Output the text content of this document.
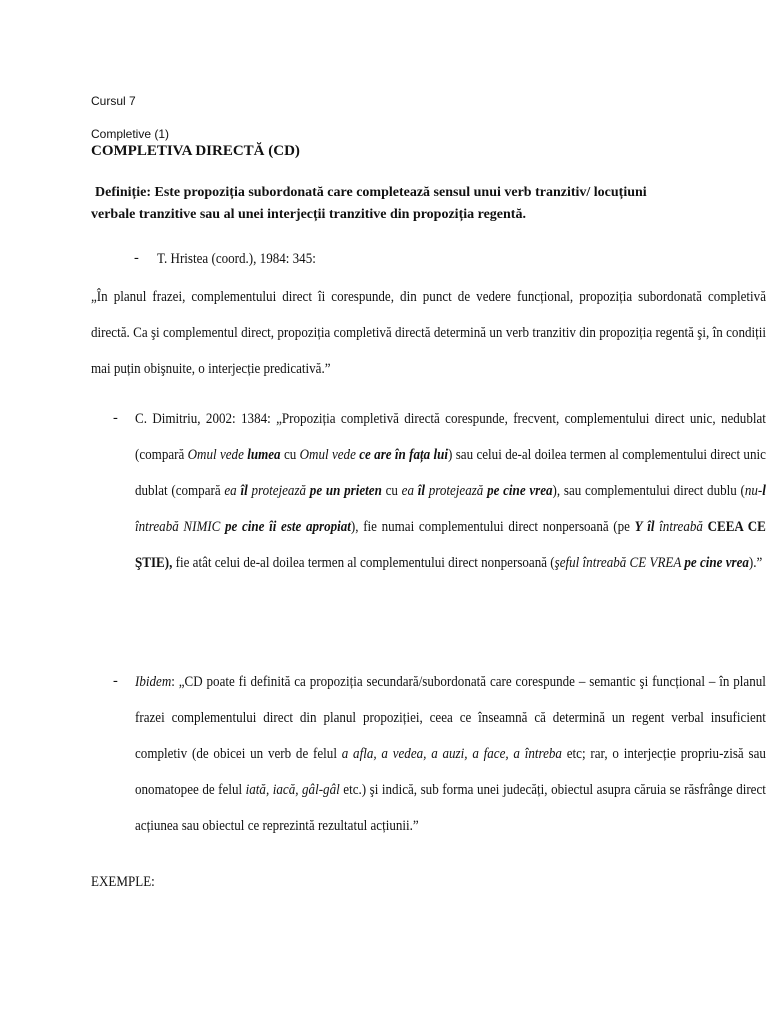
Cursul 7
Completive (1)
COMPLETIVA DIRECTĂ (CD)
Definiție: Este propoziția subordonată care completează sensul unui verb tranzitiv/ locuțiuni verbale tranzitive sau al unei interjecții tranzitive din propoziția regentă.
- T. Hristea (coord.), 1984: 345:

„În planul frazei, complementului direct îi corespunde, din punct de vedere funcțional, propoziția subordonată completivă directă. Ca şi complementul direct, propoziția completivă directă determină un verb tranzitiv din propoziția regentă şi, în condiții mai puțin obişnuite, o interjecție predicativă.”

- C. Dimitriu, 2002: 1384: „Propoziția completivă directă corespunde, frecvent, complementului direct unic, nedublat (compară Omul vede lumea cu Omul vede ce are în fața lui) sau celui de-al doilea termen al complementului direct unic dublat (compară ea îl protejează pe un prieten cu ea îl protejează pe cine vrea), sau complementului direct dublu (nu-l întreabă NIMIC pe cine îi este apropiat), fie numai complementului direct nonpersoană (pe Y îl întreabă CEEA CE ŞTIE), fie atât celui de-al doilea termen al complementului direct nonpersoană (şeful întreabă CE VREA pe cine vrea).”

- Ibidem: „CD poate fi definită ca propoziția secundară/subordonată care corespunde – semantic şi funcțional – în planul frazei complementului direct din planul propoziției, ceea ce înseamnă că determină un regent verbal insuficient completiv (de obicei un verb de felul a afla, a vedea, a auzi, a face, a întreba etc; rar, o interjecție propriu-zisă sau onomatopee de felul iată, iacă, gâl-gâl etc.) şi indică, sub forma unei judecăți, obiectul asupra căruia se răsfrânge direct acțiunea sau obiectul ce reprezintă rezultatul acțiunii.”

EXEMPLE:
